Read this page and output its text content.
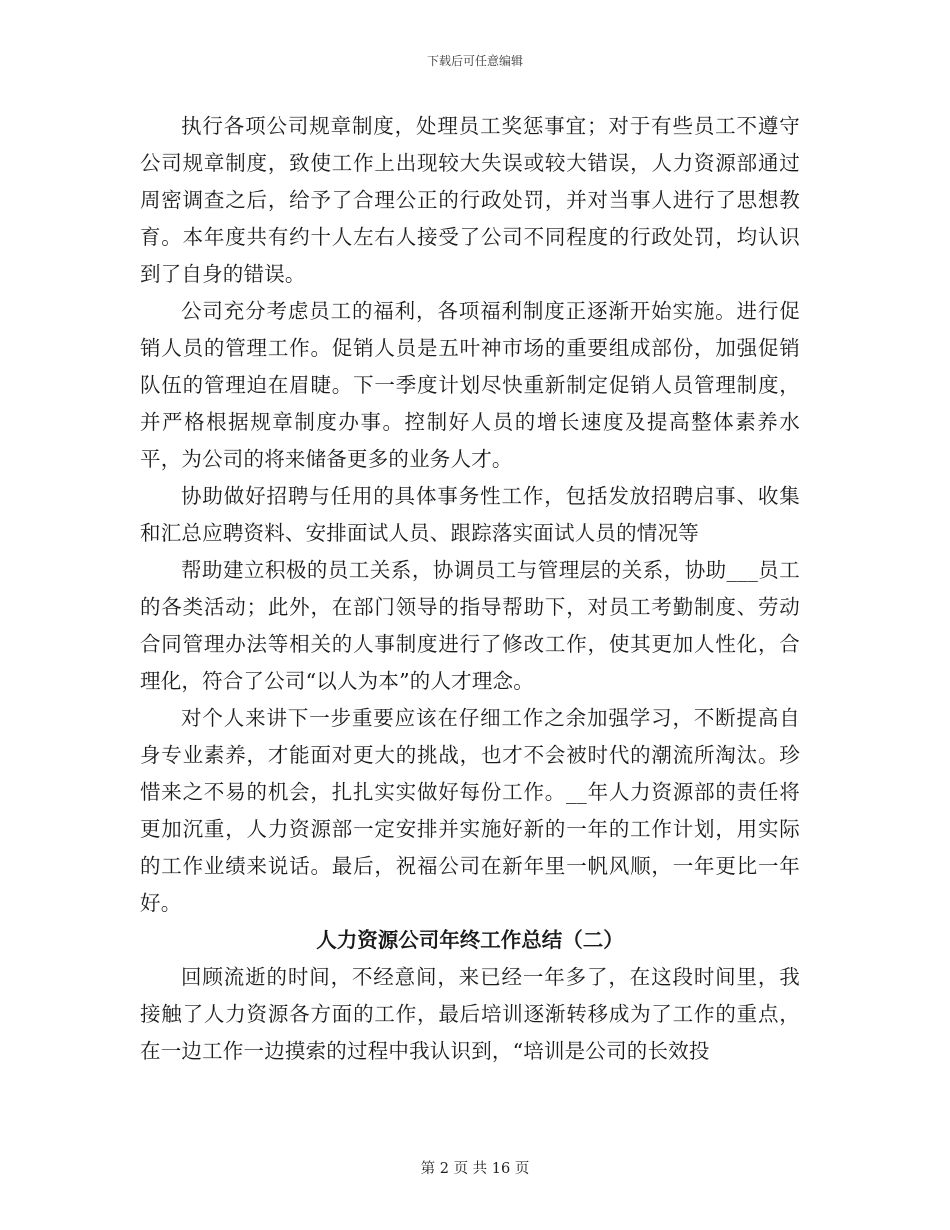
下载后可任意编辑

执行各项公司规章制度，处理员工奖惩事宜；对于有些员工不遵守公司规章制度，致使工作上出现较大失误或较大错误，人力资源部通过周密调查之后，给予了合理公正的行政处罚，并对当事人进行了思想教育。本年度共有约十人左右人接受了公司不同程度的行政处罚，均认识到了自身的错误。

公司充分考虑员工的福利，各项福利制度正逐渐开始实施。进行促销人员的管理工作。促销人员是五叶神市场的重要组成部份，加强促销队伍的管理迫在眉睫。下一季度计划尽快重新制定促销人员管理制度，并严格根据规章制度办事。控制好人员的增长速度及提高整体素养水平，为公司的将来储备更多的业务人才。

协助做好招聘与任用的具体事务性工作，包括发放招聘启事、收集和汇总应聘资料、安排面试人员、跟踪落实面试人员的情况等

帮助建立积极的员工关系，协调员工与管理层的关系，协助___员工的各类活动；此外，在部门领导的指导帮助下，对员工考勤制度、劳动合同管理办法等相关的人事制度进行了修改工作，使其更加人性化，合理化，符合了公司“以人为本”的人才理念。

对个人来讲下一步重要应该在仔细工作之余加强学习，不断提高自身专业素养，才能面对更大的挑战，也才不会被时代的潮流所淘汰。珍惜来之不易的机会，扎扎实实做好每份工作。__年人力资源部的责任将更加沉重，人力资源部一定安排并实施好新的一年的工作计划，用实际的工作业绩来说话。最后，祝福公司在新年里一帆风顺，一年更比一年好。

人力资源公司年终工作总结（二）

回顾流逝的时间，不经意间，来已经一年多了，在这段时间里，我接触了人力资源各方面的工作，最后培训逐渐转移成为了工作的重点，在一边工作一边摸索的过程中我认识到，“培训是公司的长效投

第 2 页 共 16 页
